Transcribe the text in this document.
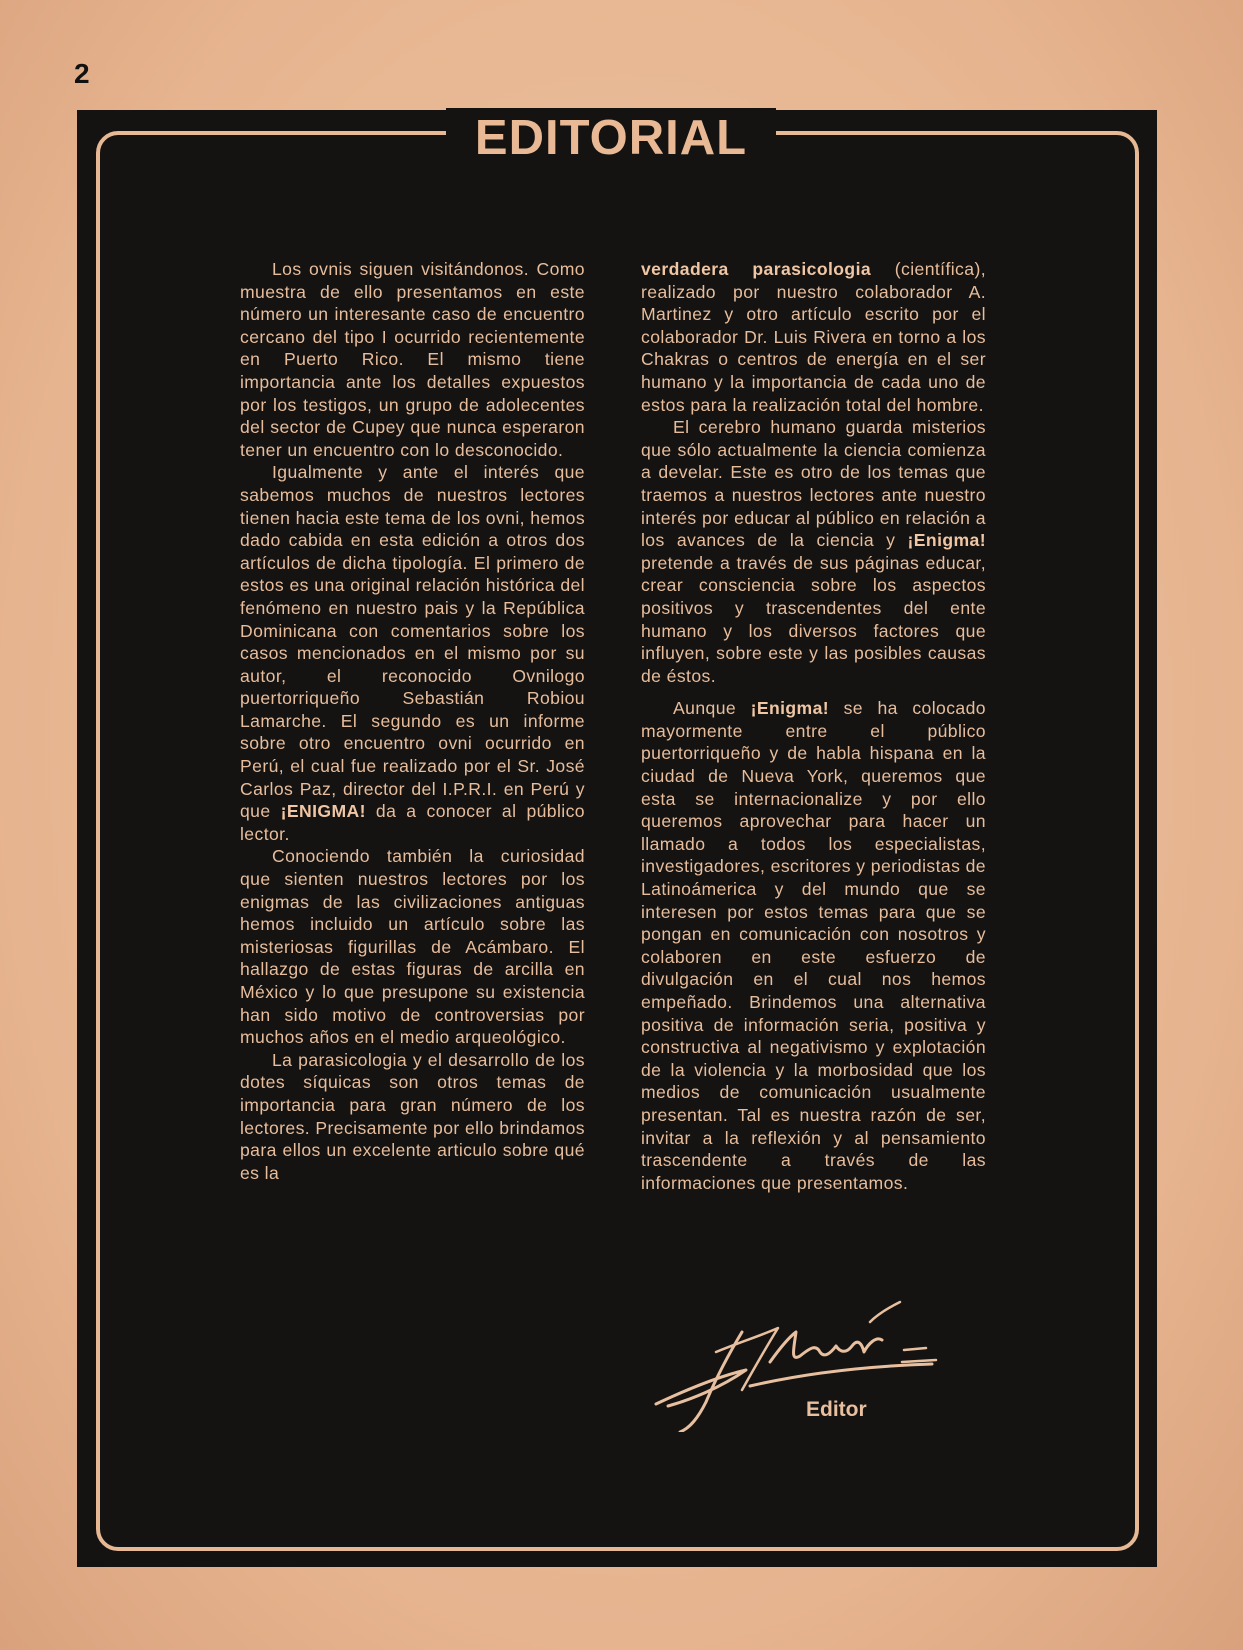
2
EDITORIAL

Los ovnis siguen visitándonos. Como muestra de ello presentamos en este número un interesante caso de encuentro cercano del tipo I ocurrido recientemente en Puerto Rico. El mismo tiene importancia ante los detalles expuestos por los testigos, un grupo de adolecentes del sector de Cupey que nunca esperaron tener un encuentro con lo desconocido.

Igualmente y ante el interés que sabemos muchos de nuestros lectores tienen hacia este tema de los ovni, hemos dado cabida en esta edición a otros dos artículos de dicha tipología. El primero de estos es una original relación histórica del fenómeno en nuestro pais y la República Dominicana con comentarios sobre los casos mencionados en el mismo por su autor, el reconocido Ovnilogo puertorriqueño Sebastián Robiou Lamarche. El segundo es un informe sobre otro encuentro ovni ocurrido en Perú, el cual fue realizado por el Sr. José Carlos Paz, director del I.P.R.I. en Perú y que ¡ENIGMA! da a conocer al público lector.

Conociendo también la curiosidad que sienten nuestros lectores por los enigmas de las civilizaciones antiguas hemos incluido un artículo sobre las misteriosas figurillas de Acámbaro. El hallazgo de estas figuras de arcilla en México y lo que presupone su existencia han sido motivo de controversias por muchos años en el medio arqueológico.

La parasicologia y el desarrollo de los dotes síquicas son otros temas de importancia para gran número de los lectores. Precisamente por ello brindamos para ellos un excelente articulo sobre qué es la

verdadera parasicologia (científica), realizado por nuestro colaborador A. Martinez y otro artículo escrito por el colaborador Dr. Luis Rivera en torno a los Chakras o centros de energía en el ser humano y la importancia de cada uno de estos para la realización total del hombre.

El cerebro humano guarda misterios que sólo actualmente la ciencia comienza a develar. Este es otro de los temas que traemos a nuestros lectores ante nuestro interés por educar al público en relación a los avances de la ciencia y ¡Enigma! pretende a través de sus páginas educar, crear consciencia sobre los aspectos positivos y trascendentes del ente humano y los diversos factores que influyen, sobre este y las posibles causas de éstos.

Aunque ¡Enigma! se ha colocado mayormente entre el público puertorriqueño y de habla hispana en la ciudad de Nueva York, queremos que esta se internacionalize y por ello queremos aprovechar para hacer un llamado a todos los especialistas, investigadores, escritores y periodistas de Latinoámerica y del mundo que se interesen por estos temas para que se pongan en comunicación con nosotros y colaboren en este esfuerzo de divulgación en el cual nos hemos empeñado. Brindemos una alternativa positiva de información seria, positiva y constructiva al negativismo y explotación de la violencia y la morbosidad que los medios de comunicación usualmente presentan. Tal es nuestra razón de ser, invitar a la reflexión y al pensamiento trascendente a través de las informaciones que presentamos.

Editor
